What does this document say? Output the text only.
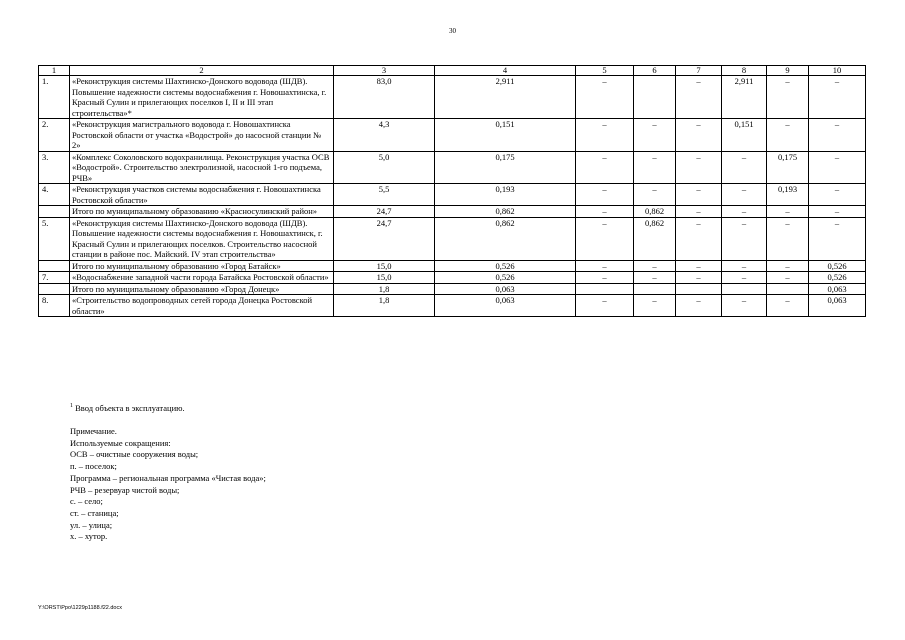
30
1	2	3	4	5	6	7	8	9	10
1.	«Реконструкция системы Шахтинско-Донского водовода (ШДВ). Повышение надежности системы водоснабжения г. Новошахтинска, г. Красный Сулин и прилегающих поселков I, II и III этап строительства»*	83,0	2,911	–		–	2,911	–	–
2.	«Реконструкция магистрального водовода г. Новошахтинска Ростовской области от участка «Водострой» до насосной станции № 2»	4,3	0,151	–	–	–	0,151	–	–
3.	«Комплекс Соколовского водохранилища. Реконструкция участка ОСВ «Водострой». Строительство электролизной, насосной 1-го подъема, РЧВ»	5,0	0,175	–	–	–	–	0,175	–
4.	«Реконструкция участков системы водоснабжения г. Новошахтинска Ростовской области»	5,5	0,193	–	–	–	–	0,193	–
	Итого по муниципальному образованию «Красносулинский район»	24,7	0,862	–	0,862	–	–	–	–
5.	«Реконструкция системы Шахтинско-Донского водовода (ШДВ). Повышение надежности системы водоснабжения г. Новошахтинск, г. Красный Сулин и прилегающих поселков. Строительство насосной станции в районе пос. Майский. IV этап строительства»	24,7	0,862	–	0,862	–	–	–	–
	Итого по муниципальному образованию «Город Батайск»	15,0	0,526	–	–	–	–	–	0,526
7.	«Водоснабжение западной части города Батайска Ростовской области»	15,0	0,526	–	–	–	–	–	0,526
	Итого по муниципальному образованию «Город Донецк»	1,8	0,063						0,063
8.	«Строительство водопроводных сетей города Донецка Ростовской области»	1,8	0,063	–	–	–	–	–	0,063
$^1$ Ввод объекта в эксплуатацию.
Примечание.
Используемые сокращения:
ОСВ – очистные сооружения воды;
п. – поселок;
Программа – региональная программа «Чистая вода»;
РЧВ – резервуар чистой воды;
с. – село;
ст. – станица;
ул. – улица;
х. – хутор.
Y:\ORST\Ppo\1229p1188.f22.docx
